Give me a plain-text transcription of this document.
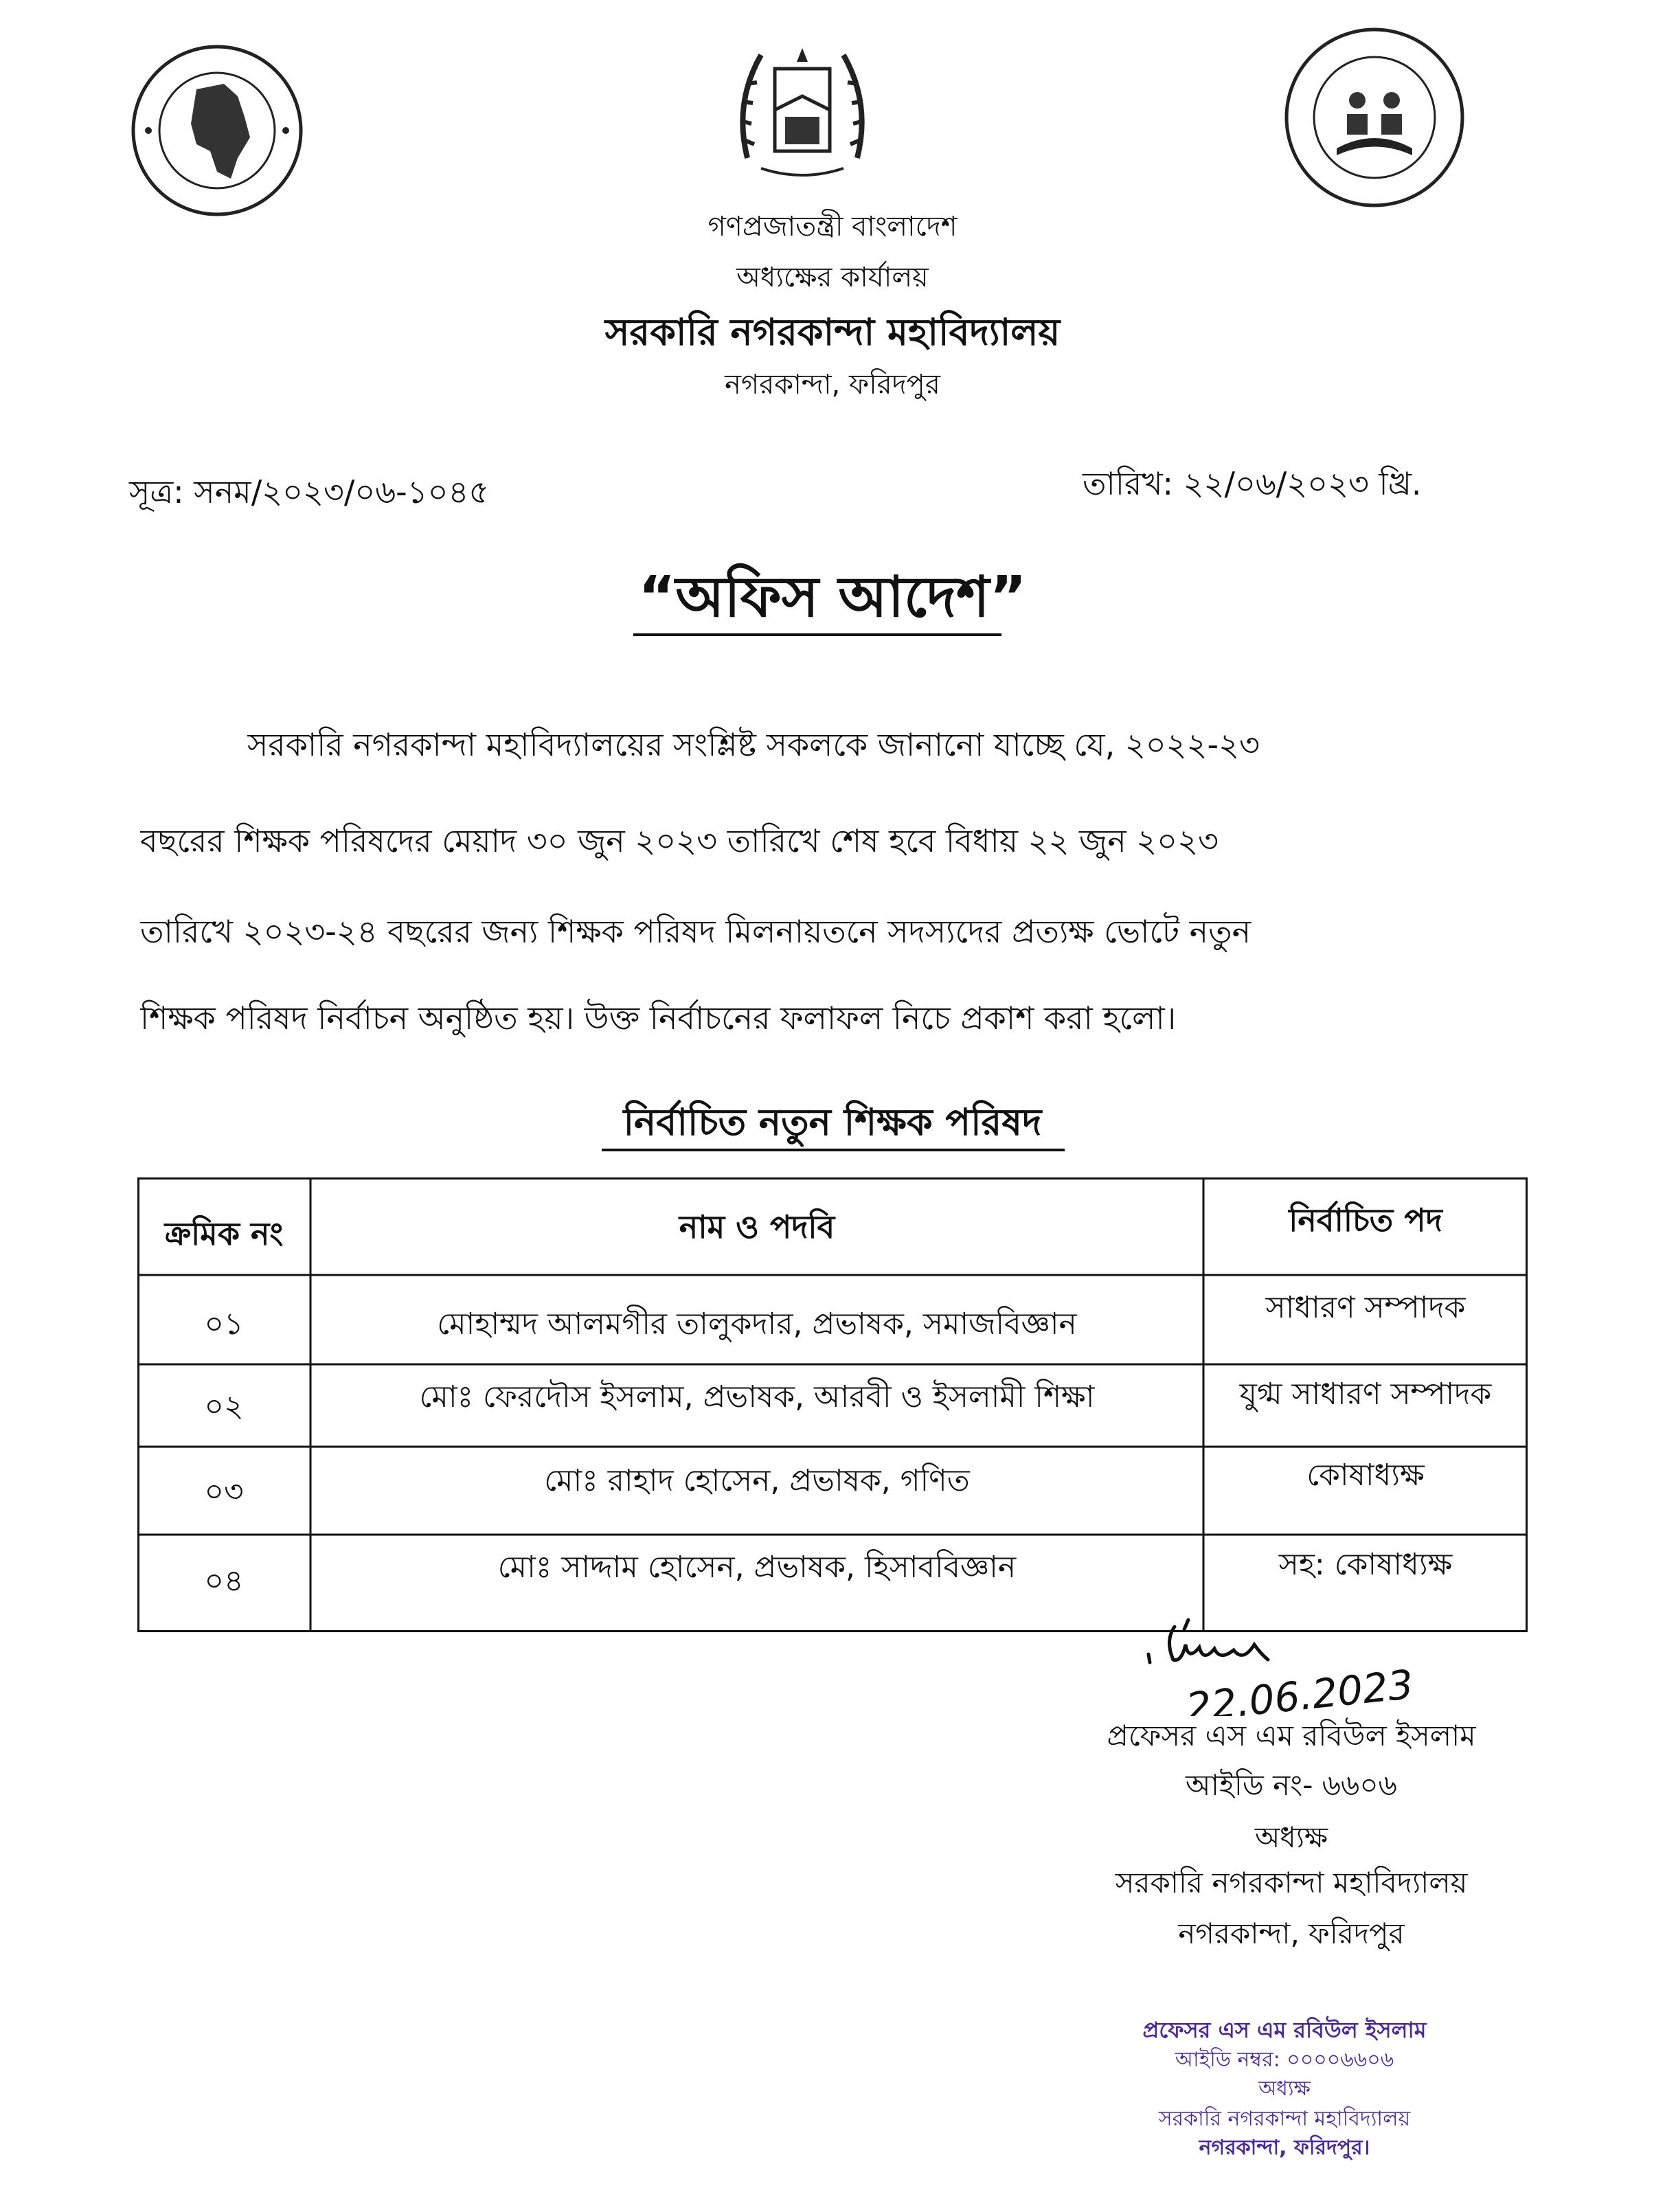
গণপ্রজাতন্ত্রী বাংলাদেশ
অধ্যক্ষের কার্যালয়
সরকারি নগরকান্দা মহাবিদ্যালয়
নগরকান্দা, ফরিদপুর
সূত্র: সনম/২০২৩/০৬-১০৪৫	তারিখ: ২২/০৬/২০২৩ খ্রি.
“অফিস আদেশ”
সরকারি নগরকান্দা মহাবিদ্যালয়ের সংশ্লিষ্ট সকলকে জানানো যাচ্ছে যে, ২০২২-২৩
বছরের শিক্ষক পরিষদের মেয়াদ ৩০ জুন ২০২৩ তারিখে শেষ হবে বিধায় ২২ জুন ২০২৩
তারিখে ২০২৩-২৪ বছরের জন্য শিক্ষক পরিষদ মিলনায়তনে সদস্যদের প্রত্যক্ষ ভোটে নতুন
শিক্ষক পরিষদ নির্বাচন অনুষ্ঠিত হয়। উক্ত নির্বাচনের ফলাফল নিচে প্রকাশ করা হলো।
নির্বাচিত নতুন শিক্ষক পরিষদ
ক্রমিক নং	নাম ও পদবি	নির্বাচিত পদ
০১	মোহাম্মদ আলমগীর তালুকদার, প্রভাষক, সমাজবিজ্ঞান	সাধারণ সম্পাদক
০২	মোঃ ফেরদৌস ইসলাম, প্রভাষক, আরবী ও ইসলামী শিক্ষা	যুগ্ম সাধারণ সম্পাদক
০৩	মোঃ রাহাদ হোসেন, প্রভাষক, গণিত	কোষাধ্যক্ষ
০৪	মোঃ সাদ্দাম হোসেন, প্রভাষক, হিসাববিজ্ঞান	সহ: কোষাধ্যক্ষ
22.06.2023
প্রফেসর এস এম রবিউল ইসলাম
আইডি নং- ৬৬০৬
অধ্যক্ষ
সরকারি নগরকান্দা মহাবিদ্যালয়
নগরকান্দা, ফরিদপুর
প্রফেসর এস এম রবিউল ইসলাম
আইডি নম্বর: ০০০০৬৬০৬
অধ্যক্ষ
সরকারি নগরকান্দা মহাবিদ্যালয়
নগরকান্দা, ফরিদপুর।
